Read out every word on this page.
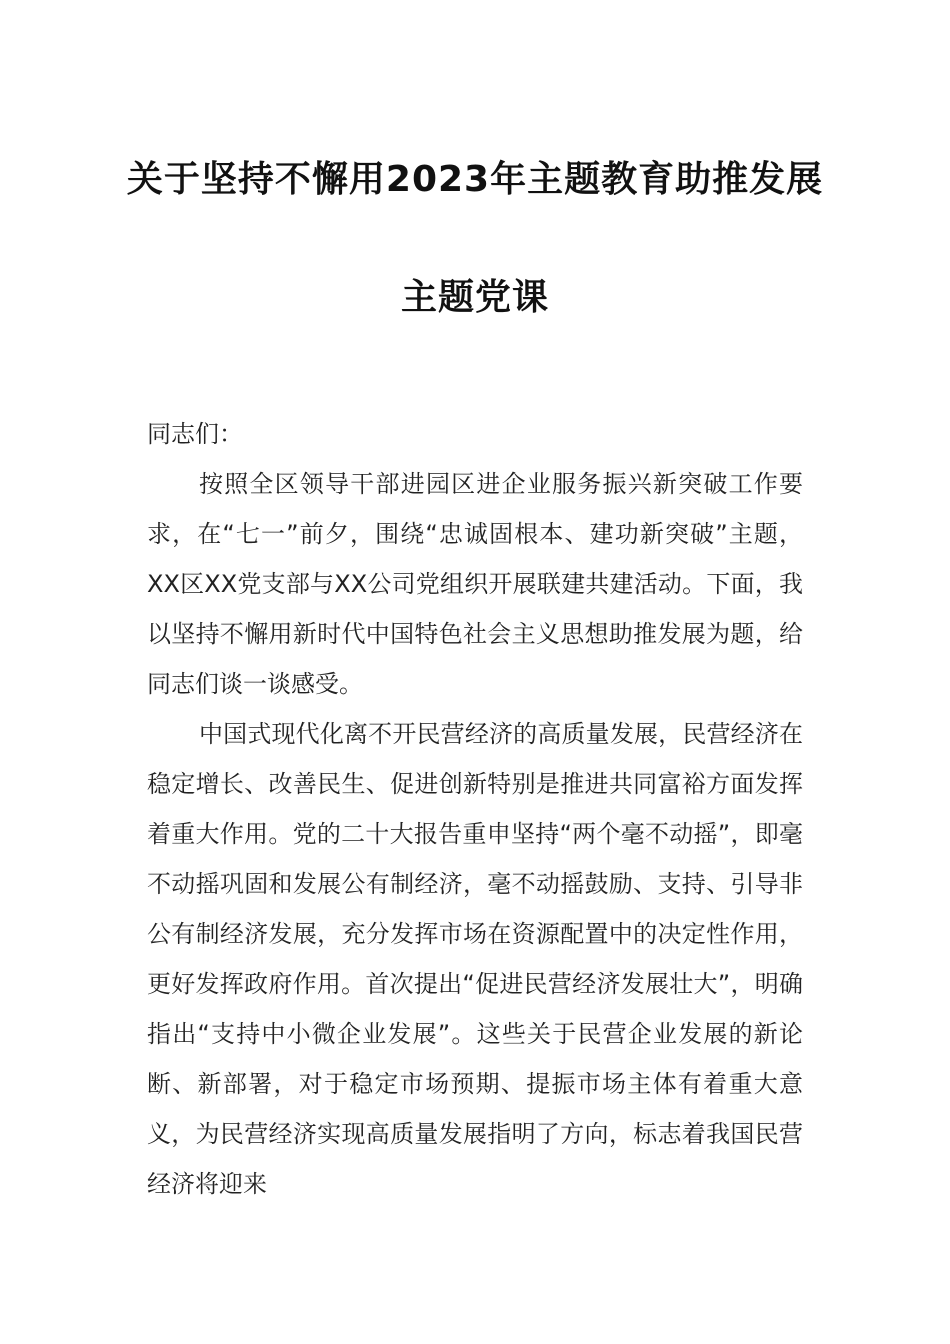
关于坚持不懈用2023年主题教育助推发展
主题党课
同志们：

按照全区领导干部进园区进企业服务振兴新突破工作要求，在“七一”前夕，围绕“忠诚固根本、建功新突破”主题，XX区XX党支部与XX公司党组织开展联建共建活动。下面，我以坚持不懈用新时代中国特色社会主义思想助推发展为题，给同志们谈一谈感受。

中国式现代化离不开民营经济的高质量发展，民营经济在稳定增长、改善民生、促进创新特别是推进共同富裕方面发挥着重大作用。党的二十大报告重申坚持“两个毫不动摇”，即毫不动摇巩固和发展公有制经济，毫不动摇鼓励、支持、引导非公有制经济发展，充分发挥市场在资源配置中的决定性作用，更好发挥政府作用。首次提出“促进民营经济发展壮大”，明确指出“支持中小微企业发展”。这些关于民营企业发展的新论断、新部署，对于稳定市场预期、提振市场主体有着重大意义，为民营经济实现高质量发展指明了方向，标志着我国民营经济将迎来
